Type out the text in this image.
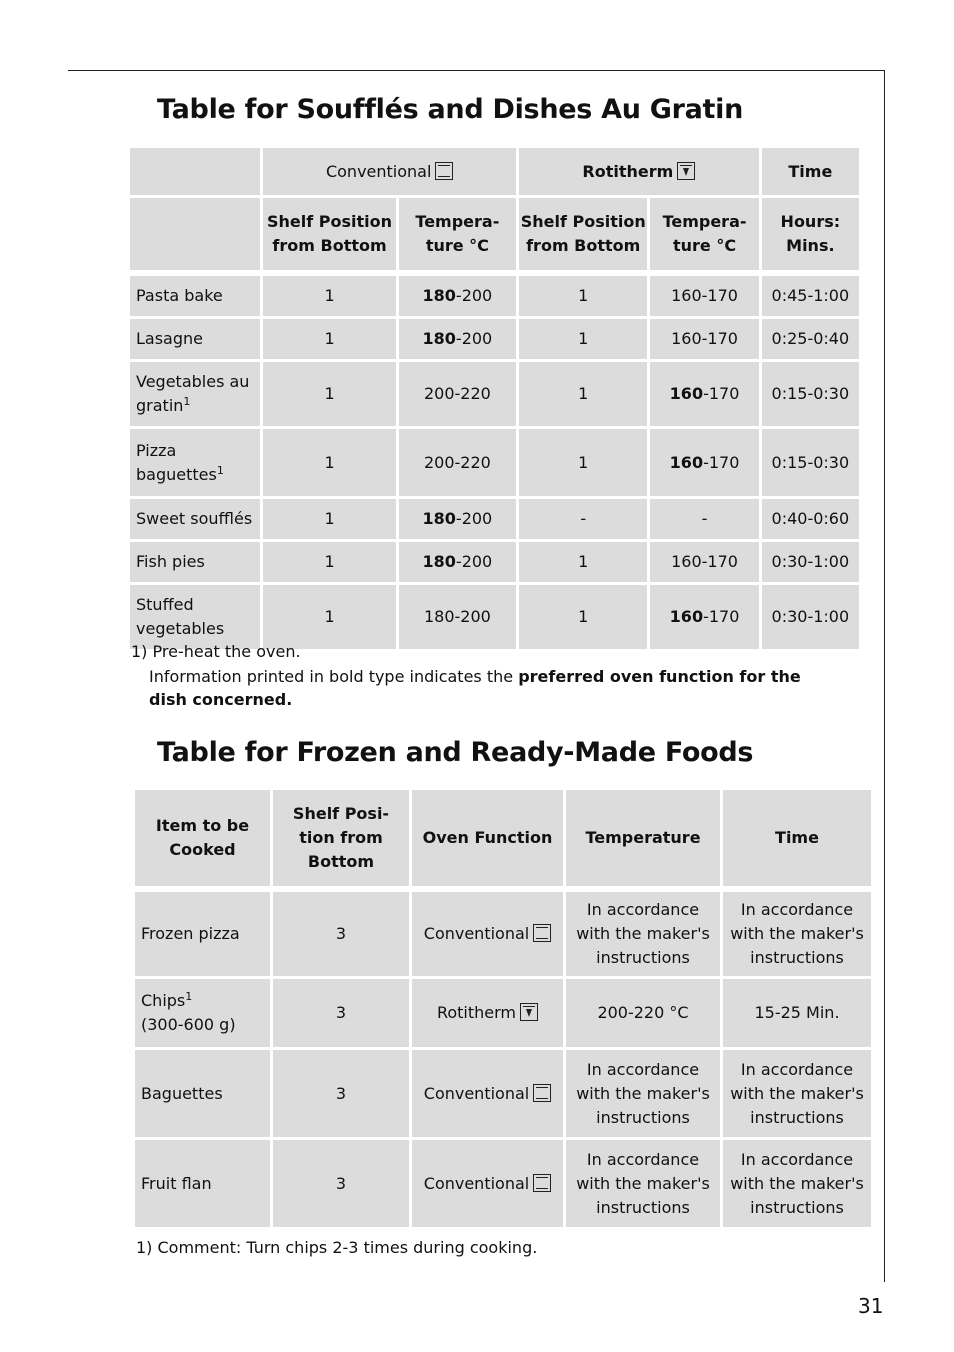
Table for Soufflés and Dishes Au Gratin
	Conventional		Rotitherm		Time
	Shelf Position from Bottom	Tempera- ture °C	Shelf Position from Bottom	Tempera- ture °C	Hours: Mins.

Pasta bake	1	180-200	1	160-170	0:45-1:00
Lasagne	1	180-200	1	160-170	0:25-0:40
Vegetables au gratin$^1$	1	200-220	1	160-170	0:15-0:30
Pizza baguettes$^1$	1	200-220	1	160-170	0:15-0:30
Sweet soufflés	1	180-200	-	-	0:40-0:60
Fish pies	1	180-200	1	160-170	0:30-1:00
Stuffed vegetables	1	180-200	1	160-170	0:30-1:00
1) Pre-heat the oven.
Information printed in bold type indicates the preferred oven function for the dish concerned.
Table for Frozen and Ready-Made Foods
Item to be Cooked	Shelf Posi- tion from Bottom	Oven Function	Temperature	Time

Frozen pizza	3	Conventional	In accordance with the maker's instructions	In accordance with the maker's instructions
Chips$^1$
(300-600 g)	3	Rotitherm	200-220 °C	15-25 Min.
Baguettes	3	Conventional	In accordance with the maker's instructions	In accordance with the maker's instructions
Fruit flan	3	Conventional	In accordance with the maker's instructions	In accordance with the maker's instructions
1) Comment: Turn chips 2-3 times during cooking.
31
